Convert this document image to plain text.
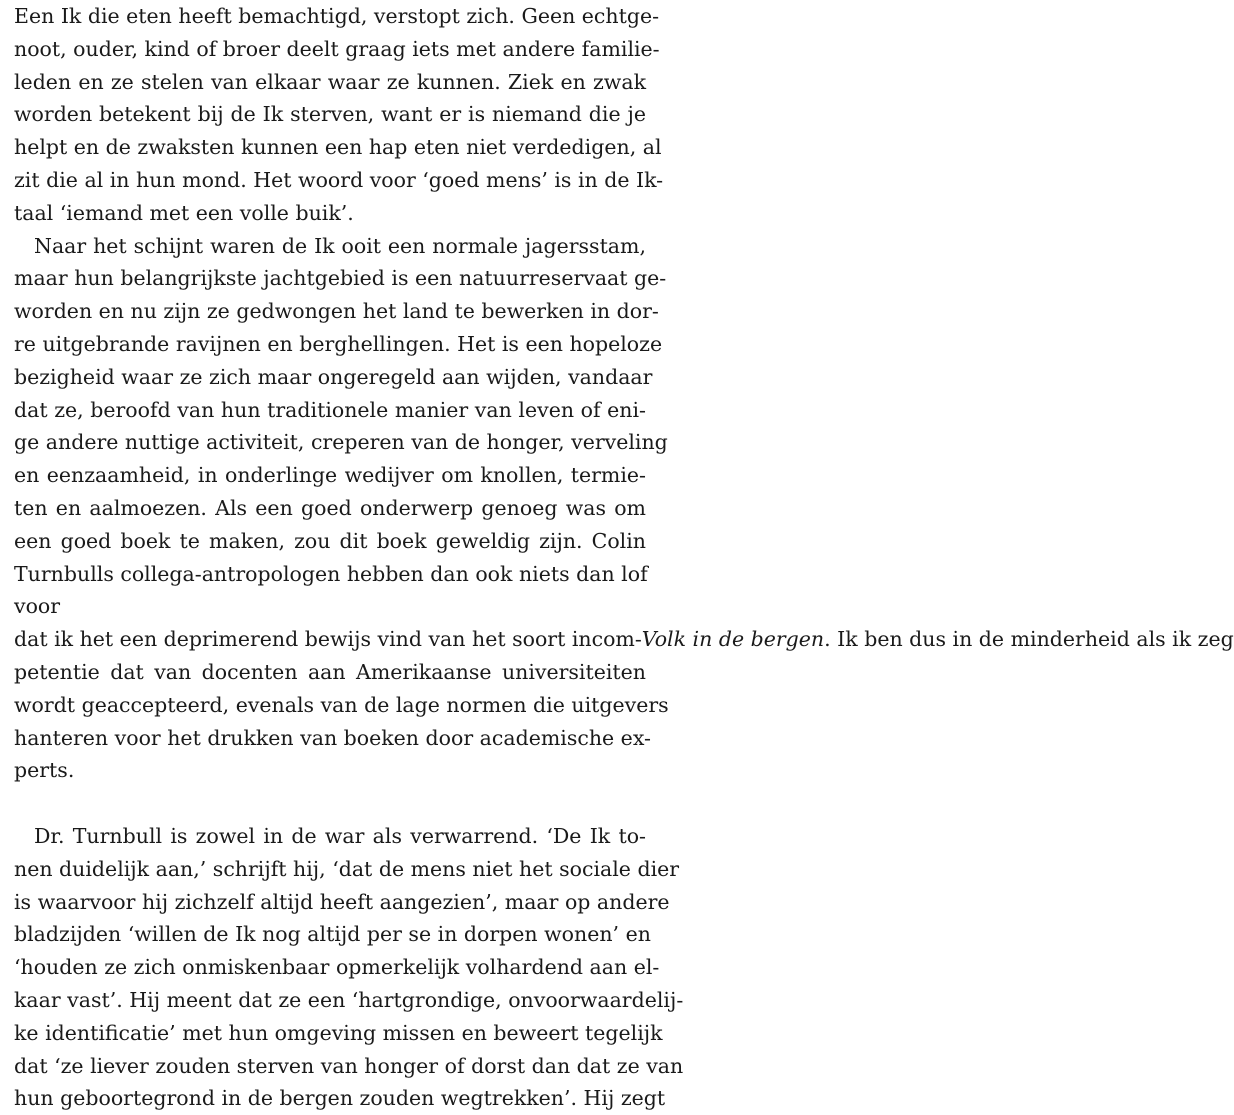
Een Ik die eten heeft bemachtigd, verstopt zich. Geen echtge-
noot, ouder, kind of broer deelt graag iets met andere familie-
leden en ze stelen van elkaar waar ze kunnen. Ziek en zwak
worden betekent bij de Ik sterven, want er is niemand die je
helpt en de zwaksten kunnen een hap eten niet verdedigen, al
zit die al in hun mond. Het woord voor ‘goed mens’ is in de Ik-
taal ‘iemand met een volle buik’.
Naar het schijnt waren de Ik ooit een normale jagersstam,
maar hun belangrijkste jachtgebied is een natuurreservaat ge-
worden en nu zijn ze gedwongen het land te bewerken in dor-
re uitgebrande ravijnen en berghellingen. Het is een hopeloze
bezigheid waar ze zich maar ongeregeld aan wijden, vandaar
dat ze, beroofd van hun traditionele manier van leven of eni-
ge andere nuttige activiteit, creperen van de honger, verveling
en eenzaamheid, in onderlinge wedijver om knollen, termie-
ten en aalmoezen. Als een goed onderwerp genoeg was om
een goed boek te maken, zou dit boek geweldig zijn. Colin
Turnbulls collega-antropologen hebben dan ook niets dan lof
voor
dat ik het een deprimerend bewijs vind van het soort incom-Volk in de bergen. Ik ben dus in de minderheid als ik zeg
petentie dat van docenten aan Amerikaanse universiteiten
wordt geaccepteerd, evenals van de lage normen die uitgevers
hanteren voor het drukken van boeken door academische ex-
perts.
Dr. Turnbull is zowel in de war als verwarrend. ‘De Ik to-
nen duidelijk aan,’ schrijft hij, ‘dat de mens niet het sociale dier
is waarvoor hij zichzelf altijd heeft aangezien’, maar op andere
bladzijden ‘willen de Ik nog altijd per se in dorpen wonen’ en
‘houden ze zich onmiskenbaar opmerkelijk volhardend aan el-
kaar vast’. Hij meent dat ze een ‘hartgrondige, onvoorwaardelij-
ke identificatie’ met hun omgeving missen en beweert tegelijk
dat ‘ze liever zouden sterven van honger of dorst dan dat ze van
hun geboortegrond in de bergen zouden wegtrekken’. Hij zegt
